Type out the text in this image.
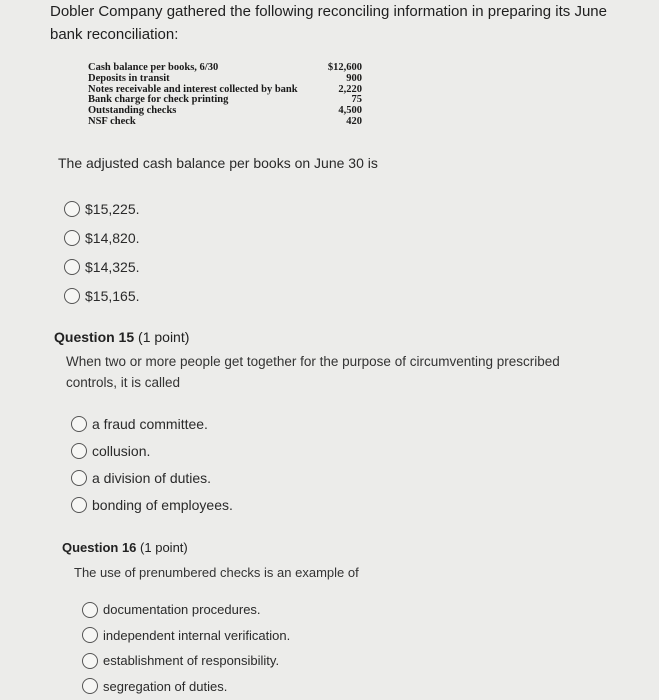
Dobler Company gathered the following reconciling information in preparing its June bank reconciliation:
Cash balance per books, 6/30	$12,600
Deposits in transit	900
Notes receivable and interest collected by bank	2,220
Bank charge for check printing	75
Outstanding checks	4,500
NSF check	420
The adjusted cash balance per books on June 30 is
$15,225.
$14,820.
$14,325.
$15,165.
Question 15 (1 point)
When two or more people get together for the purpose of circumventing prescribed controls, it is called
a fraud committee.
collusion.
a division of duties.
bonding of employees.
Question 16 (1 point)
The use of prenumbered checks is an example of
documentation procedures.
independent internal verification.
establishment of responsibility.
segregation of duties.
